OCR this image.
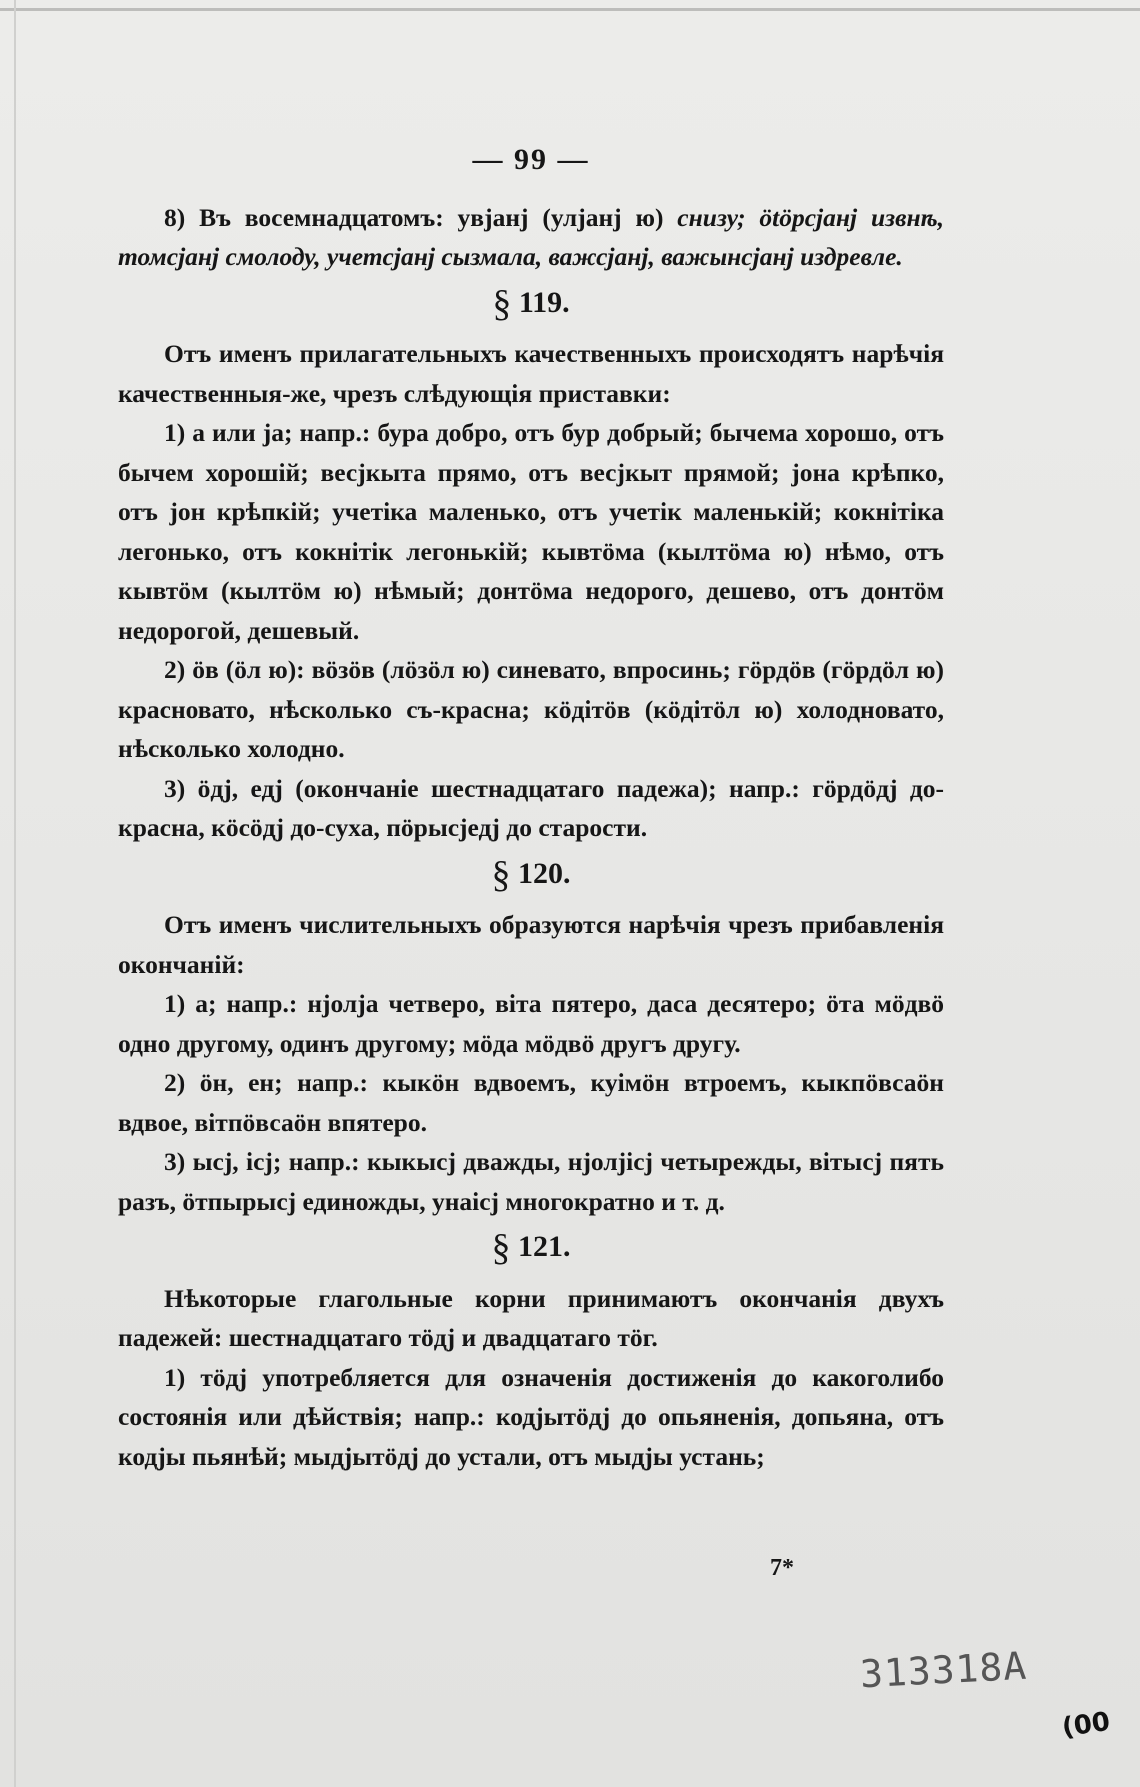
— 99 —

8) Въ восемнадцатомъ: увјанј (улјанј ю) снизу; ötöрсјанј извнѣ, томсјанј смолоду, учетсјанј сызмала, важсјанј, важынсјанј издревле.

§ 119.

Отъ именъ прилагательныхъ качественныхъ происходятъ нарѣчія качественныя-же, чрезъ слѣдующія приставки:

1) а или ја; напр.: бура добро, отъ бур добрый; бычема хорошо, отъ бычем хорошій; весјкыта прямо, отъ весјкыт прямой; јона крѣпко, отъ јон крѣпкій; учетіка маленько, отъ учетік маленькій; кокнітіка легонько, отъ кокнітік легонькій; кывтöма (кылтöма ю) нѣмо, отъ кывтöм (кылтöм ю) нѣмый; донтöма недорого, дешево, отъ донтöм недорогой, дешевый.

2) öв (öл ю): вöзöв (лöзöл ю) синевато, впросинь; гöрдöв (гöрдöл ю) красновато, нѣсколько съ-красна; кöдітöв (кöдітöл ю) холодновато, нѣсколько холодно.

3) öдј, едј (окончаніе шестнадцатаго падежа); напр.: гöрдöдј до-красна, кöсöдј до-суха, пöрысједј до старости.

§ 120.

Отъ именъ числительныхъ образуются нарѣчія чрезъ прибавленія окончаній:

1) а; напр.: нјолја четверо, віта пятеро, даса десятеро; öта мöдвö одно другому, одинъ другому; мöда мöдвö другъ другу.

2) öн, ен; напр.: кыкöн вдвоемъ, куімöн втроемъ, кыкпöвсаöн вдвое, вітпöвсаöн впятеро.

3) ысј, ісј; напр.: кыкысј дважды, нјолјісј четырежды, вітысј пять разъ, öтпырысј единожды, унаісј многократно и т. д.

§ 121.

Нѣкоторые глагольные корни принимаютъ окончанія двухъ падежей: шестнадцатаго тöдј и двадцатаго тöг.

1) тöдј употребляется для означенія достиженія до какоголибо состоянія или дѣйствія; напр.: кодјытöдј до опьяненія, допьяна, отъ кодјы пьянѣй; мыдјытöдј до устали, отъ мыдјы устань;

7*
313318A
(00
